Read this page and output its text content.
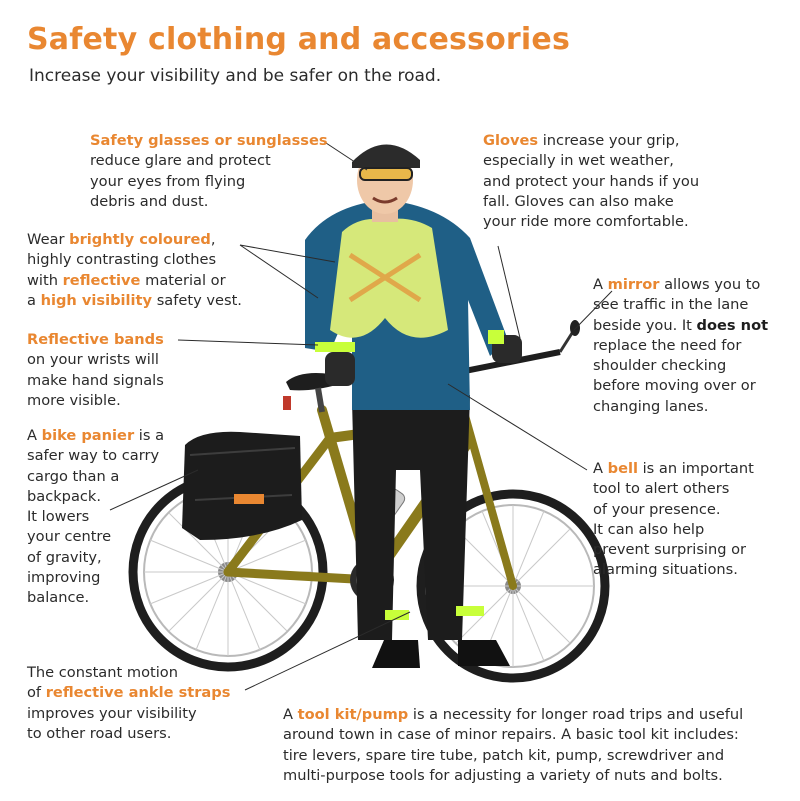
Safety clothing and accessories
Increase your visibility and be safer on the road.
Safety glasses or sunglasses
reduce glare and protect
your eyes from flying
debris and dust.
Gloves increase your grip,
especially in wet weather,
and protect your hands if you
fall. Gloves can also make
your ride more comfortable.
Wear brightly coloured,
highly contrasting clothes
with reflective material or
a high visibility safety vest.
A mirror allows you to
see traffic in the lane
beside you. It does not
replace the need for
shoulder checking
before moving over or
changing lanes.
Reflective bands
on your wrists will
make hand signals
more visible.
A bike panier is a
safer way to carry
cargo than a
backpack.
It lowers
your centre
of gravity,
improving
balance.
A bell is an important
tool to alert others
of your presence.
It can also help
prevent surprising or
alarming situations.
The constant motion
of reflective ankle straps
improves your visibility
to other road users.
A tool kit/pump is a necessity for longer road trips and useful
around town in case of minor repairs. A basic tool kit includes:
tire levers, spare tire tube, patch kit, pump, screwdriver and
multi-purpose tools for adjusting a variety of nuts and bolts.
